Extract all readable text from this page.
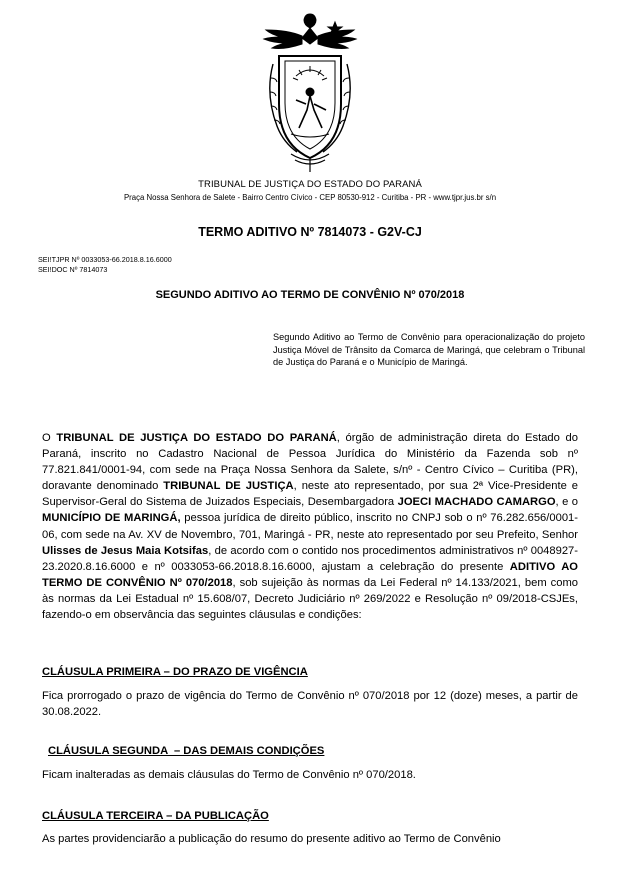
TRIBUNAL DE JUSTIÇA DO ESTADO DO PARANÁ
Praça Nossa Senhora de Salete - Bairro Centro Cívico - CEP 80530-912 - Curitiba - PR - www.tjpr.jus.br s/n
TERMO ADITIVO Nº 7814073 - G2V-CJ
SEI!TJPR Nº 0033053-66.2018.8.16.6000
SEI!DOC Nº 7814073
SEGUNDO ADITIVO AO TERMO DE CONVÊNIO Nº 070/2018
Segundo Aditivo ao Termo de Convênio para operacionalização do projeto Justiça Móvel de Trânsito da Comarca de Maringá, que celebram o Tribunal de Justiça do Paraná e o Município de Maringá.

O TRIBUNAL DE JUSTIÇA DO ESTADO DO PARANÁ, órgão de administração direta do Estado do Paraná, inscrito no Cadastro Nacional de Pessoa Jurídica do Ministério da Fazenda sob nº 77.821.841/0001-94, com sede na Praça Nossa Senhora da Salete, s/nº - Centro Cívico – Curitiba (PR), doravante denominado TRIBUNAL DE JUSTIÇA, neste ato representado, por sua 2ª Vice-Presidente e Supervisor-Geral do Sistema de Juizados Especiais, Desembargadora JOECI MACHADO CAMARGO, e o MUNICÍPIO DE MARINGÁ, pessoa jurídica de direito público, inscrito no CNPJ sob o nº 76.282.656/0001-06, com sede na Av. XV de Novembro, 701, Maringá - PR, neste ato representado por seu Prefeito, Senhor Ulisses de Jesus Maia Kotsifas, de acordo com o contido nos procedimentos administrativos nº 0048927-23.2020.8.16.6000 e nº 0033053-66.2018.8.16.6000, ajustam a celebração do presente ADITIVO AO TERMO DE CONVÊNIO Nº 070/2018, sob sujeição às normas da Lei Federal nº 14.133/2021, bem como às normas da Lei Estadual nº 15.608/07, Decreto Judiciário nº 269/2022 e Resolução nº 09/2018-CSJEs, fazendo-o em observância das seguintes cláusulas e condições:

CLÁUSULA PRIMEIRA – DO PRAZO DE VIGÊNCIA

Fica prorrogado o prazo de vigência do Termo de Convênio nº 070/2018 por 12 (doze) meses, a partir de 30.08.2022.

CLÁUSULA SEGUNDA  – DAS DEMAIS CONDIÇÕES

Ficam inalteradas as demais cláusulas do Termo de Convênio nº 070/2018.

CLÁUSULA TERCEIRA – DA PUBLICAÇÃO

As partes providenciarão a publicação do resumo do presente aditivo ao Termo de Convênio
